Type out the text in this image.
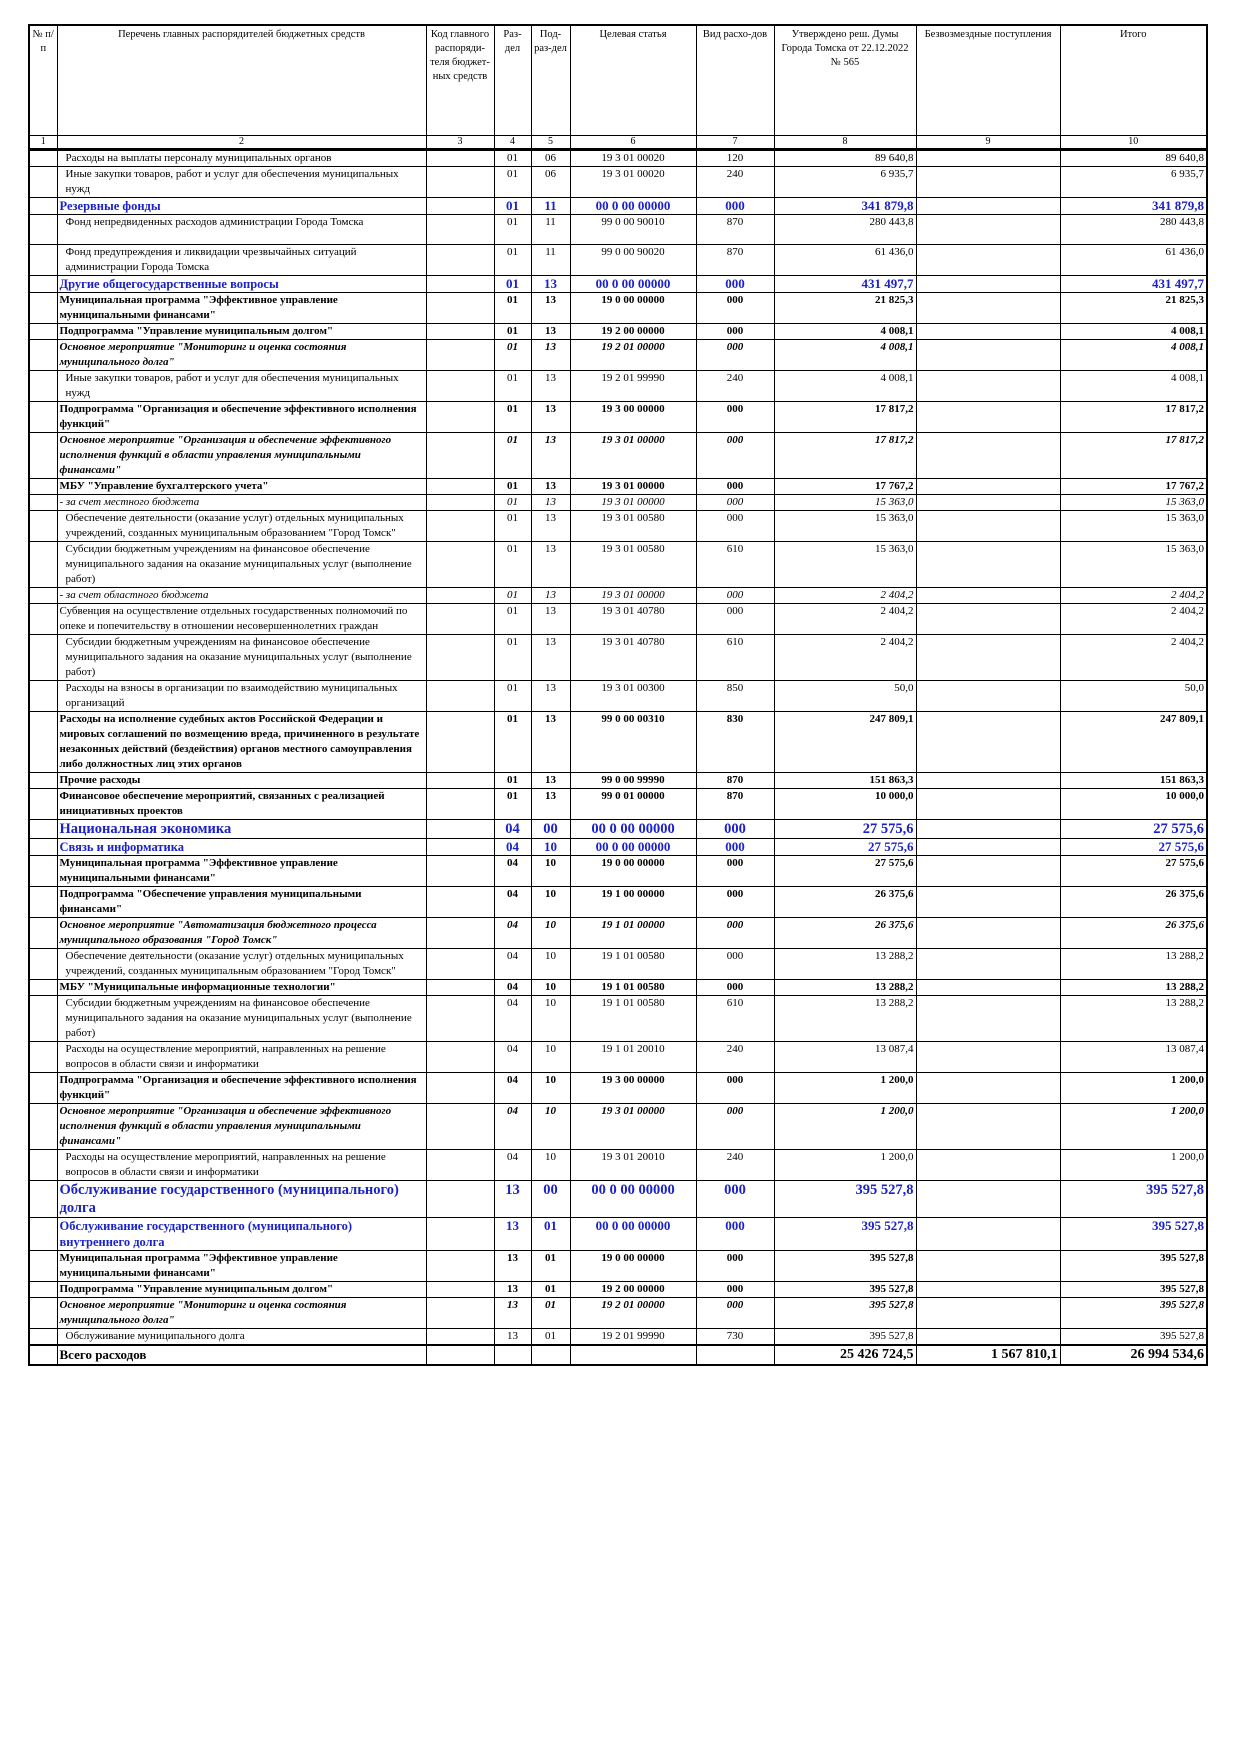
№ п/п	Перечень главных распорядителей бюджетных средств	Код главного распоряди-теля бюджет-ных средств	Раз-дел	Под-раз-дел	Целевая статья	Вид расхо-дов	Утверждено реш. Думы Города Томска от 22.12.2022 № 565	Безвозмездные поступления	Итого
1	2	3	4	5	6	7	8	9	10
	Расходы на выплаты персоналу муниципальных органов		01	06	19 3 01 00020	120	89 640,8		89 640,8
	Иные закупки товаров, работ и услуг для обеспечения муниципальных нужд		01	06	19 3 01 00020	240	6 935,7		6 935,7
	Резервные фонды		01	11	00 0 00 00000	000	341 879,8		341 879,8
	Фонд непредвиденных расходов администрации Города Томска		01	11	99 0 00 90010	870	280 443,8		280 443,8
	Фонд предупреждения и ликвидации чрезвычайных ситуаций администрации Города Томска		01	11	99 0 00 90020	870	61 436,0		61 436,0
	Другие общегосударственные вопросы		01	13	00 0 00 00000	000	431 497,7		431 497,7
	Муниципальная программа "Эффективное управление муниципальными финансами"		01	13	19 0 00 00000	000	21 825,3		21 825,3
	Подпрограмма "Управление муниципальным долгом"		01	13	19 2 00 00000	000	4 008,1		4 008,1
	Основное мероприятие "Мониторинг и оценка состояния муниципального долга"		01	13	19 2 01 00000	000	4 008,1		4 008,1
	Иные закупки товаров, работ и услуг для обеспечения муниципальных нужд		01	13	19 2 01 99990	240	4 008,1		4 008,1
	Подпрограмма "Организация и обеспечение эффективного исполнения функций"		01	13	19 3 00 00000	000	17 817,2		17 817,2
	Основное мероприятие "Организация и обеспечение эффективного исполнения функций в области управления муниципальными финансами"		01	13	19 3 01 00000	000	17 817,2		17 817,2
	МБУ "Управление бухгалтерского учета"		01	13	19 3 01 00000	000	17 767,2		17 767,2
	- за счет местного бюджета		01	13	19 3 01 00000	000	15 363,0		15 363,0
	Обеспечение деятельности (оказание услуг) отдельных муниципальных учреждений, созданных муниципальным образованием "Город Томск"		01	13	19 3 01 00580	000	15 363,0		15 363,0
	Субсидии бюджетным учреждениям на финансовое обеспечение муниципального задания на оказание муниципальных услуг (выполнение работ)		01	13	19 3 01 00580	610	15 363,0		15 363,0
	- за счет областного бюджета		01	13	19 3 01 00000	000	2 404,2		2 404,2
	Субвенция на осуществление отдельных государственных полномочий по опеке и попечительству в отношении несовершеннолетних граждан		01	13	19 3 01 40780	000	2 404,2		2 404,2
	Субсидии бюджетным учреждениям на финансовое обеспечение муниципального задания на оказание муниципальных услуг (выполнение работ)		01	13	19 3 01 40780	610	2 404,2		2 404,2
	Расходы на взносы в организации по взаимодействию муниципальных организаций		01	13	19 3 01 00300	850	50,0		50,0
	Расходы на исполнение судебных актов Российской Федерации и мировых соглашений по возмещению вреда, причиненного в результате незаконных действий (бездействия) органов местного самоуправления либо должностных лиц этих органов		01	13	99 0 00 00310	830	247 809,1		247 809,1
	Прочие расходы		01	13	99 0 00 99990	870	151 863,3		151 863,3
	Финансовое обеспечение мероприятий, связанных с реализацией инициативных проектов		01	13	99 0 01 00000	870	10 000,0		10 000,0
	Национальная экономика		04	00	00 0 00 00000	000	27 575,6		27 575,6
	Связь и информатика		04	10	00 0 00 00000	000	27 575,6		27 575,6
	Муниципальная программа "Эффективное управление муниципальными финансами"		04	10	19 0 00 00000	000	27 575,6		27 575,6
	Подпрограмма "Обеспечение управления муниципальными финансами"		04	10	19 1 00 00000	000	26 375,6		26 375,6
	Основное мероприятие "Автоматизация бюджетного процесса муниципального образования "Город Томск"		04	10	19 1 01 00000	000	26 375,6		26 375,6
	Обеспечение деятельности (оказание услуг) отдельных муниципальных учреждений, созданных муниципальным образованием "Город Томск"		04	10	19 1 01 00580	000	13 288,2		13 288,2
	МБУ "Муниципальные информационные технологии"		04	10	19 1 01 00580	000	13 288,2		13 288,2
	Субсидии бюджетным учреждениям на финансовое обеспечение муниципального задания на оказание муниципальных услуг (выполнение работ)		04	10	19 1 01 00580	610	13 288,2		13 288,2
	Расходы на осуществление мероприятий, направленных на решение вопросов в области связи и информатики		04	10	19 1 01 20010	240	13 087,4		13 087,4
	Подпрограмма "Организация и обеспечение эффективного исполнения функций"		04	10	19 3 00 00000	000	1 200,0		1 200,0
	Основное мероприятие "Организация и обеспечение эффективного исполнения функций в области управления муниципальными финансами"		04	10	19 3 01 00000	000	1 200,0		1 200,0
	Расходы на осуществление мероприятий, направленных на решение вопросов в области связи и информатики		04	10	19 3 01 20010	240	1 200,0		1 200,0
	Обслуживание государственного (муниципального) долга		13	00	00 0 00 00000	000	395 527,8		395 527,8
	Обслуживание государственного (муниципального) внутреннего долга		13	01	00 0 00 00000	000	395 527,8		395 527,8
	Муниципальная программа "Эффективное управление муниципальными финансами"		13	01	19 0 00 00000	000	395 527,8		395 527,8
	Подпрограмма "Управление муниципальным долгом"		13	01	19 2 00 00000	000	395 527,8		395 527,8
	Основное мероприятие "Мониторинг и оценка состояния муниципального долга"		13	01	19 2 01 00000	000	395 527,8		395 527,8
	Обслуживание муниципального долга		13	01	19 2 01 99990	730	395 527,8		395 527,8
	Всего расходов						25 426 724,5	1 567 810,1	26 994 534,6
